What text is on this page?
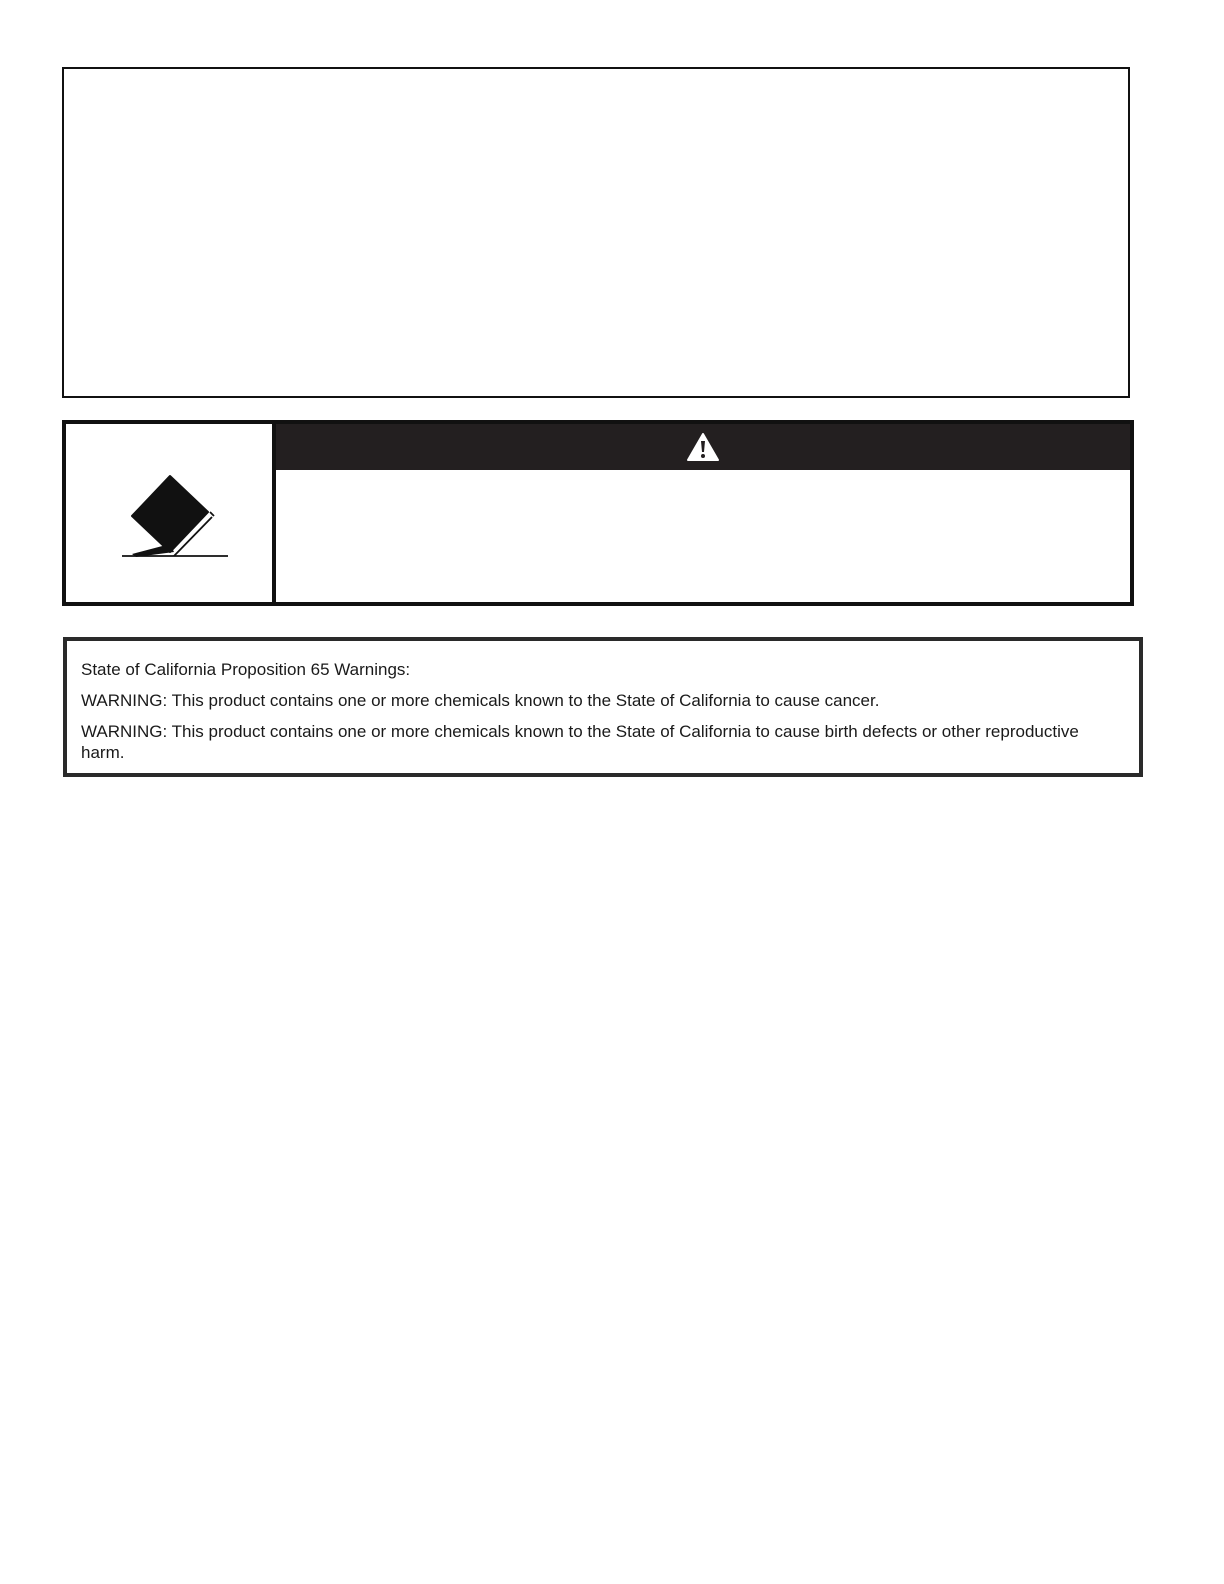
State of California Proposition 65 Warnings:

WARNING: This product contains one or more chemicals known to the State of California to cause cancer.

WARNING: This product contains one or more chemicals known to the State of California to cause birth defects or other reproductive harm.
